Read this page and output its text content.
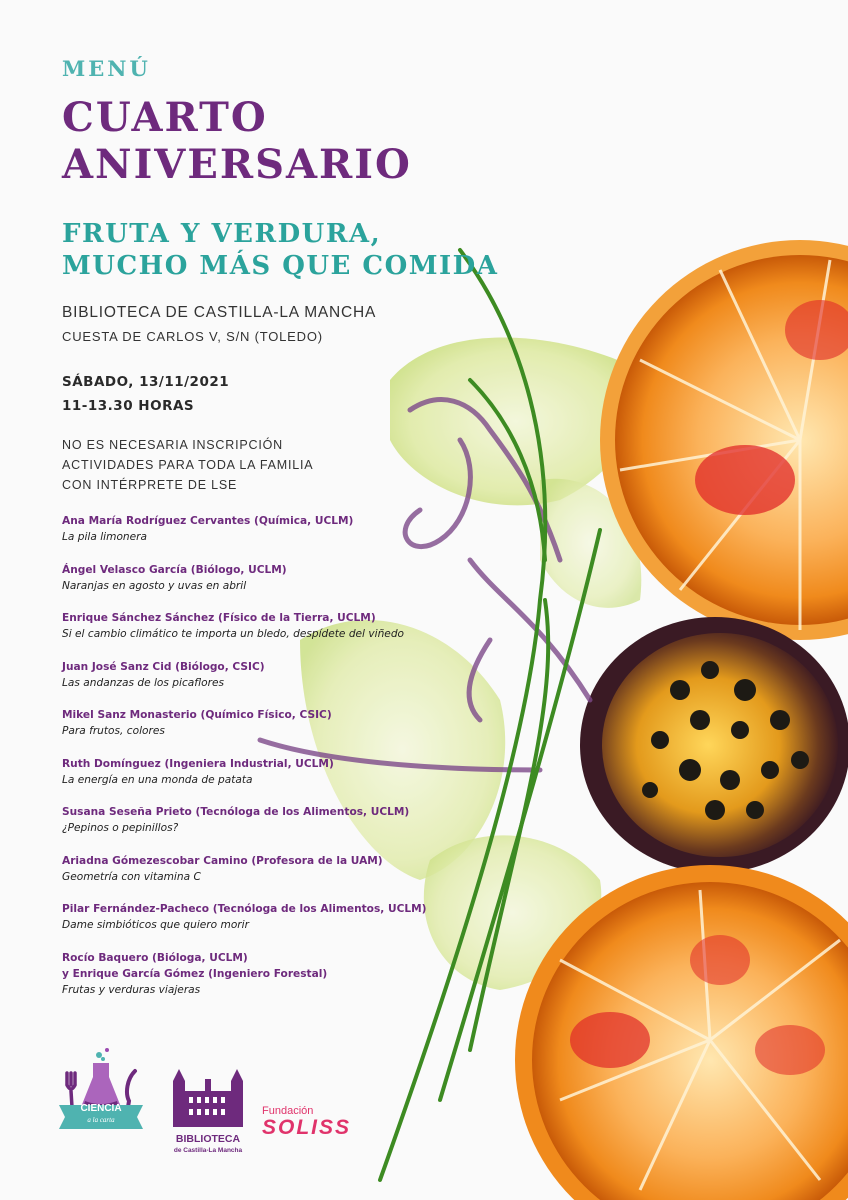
MENÚ
CUARTO
ANIVERSARIO
FRUTA Y VERDURA,
MUCHO MÁS QUE COMIDA
BIBLIOTECA DE CASTILLA-LA MANCHA
CUESTA DE CARLOS V, S/N (TOLEDO)
SÁBADO, 13/11/2021
11-13.30 HORAS
NO ES NECESARIA INSCRIPCIÓN
ACTIVIDADES PARA TODA LA FAMILIA
CON INTÉRPRETE DE LSE
Ana María Rodríguez Cervantes (Química, UCLM)
La pila limonera
Ángel Velasco García (Biólogo, UCLM)
Naranjas en agosto y uvas en abril
Enrique Sánchez Sánchez (Físico de la Tierra, UCLM)
Si el cambio climático te importa un bledo, despídete del viñedo
Juan José Sanz Cid (Biólogo, CSIC)
Las andanzas de los picaflores
Mikel Sanz Monasterio (Químico Físico, CSIC)
Para frutos, colores
Ruth Domínguez (Ingeniera Industrial, UCLM)
La energía en una monda de patata
Susana Seseña Prieto (Tecnóloga de los Alimentos, UCLM)
¿Pepinos o pepinillos?
Ariadna Gómezescobar Camino (Profesora de la UAM)
Geometría con vitamina C
Pilar Fernández-Pacheco (Tecnóloga de los Alimentos, UCLM)
Dame simbióticos que quiero morir
Rocío Baquero (Bióloga, UCLM)
y Enrique García Gómez (Ingeniero Forestal)
Frutas y verduras viajeras
CIENCIA
a la carta
BIBLIOTECA
de Castilla-La Mancha
Fundación
SOLISS
